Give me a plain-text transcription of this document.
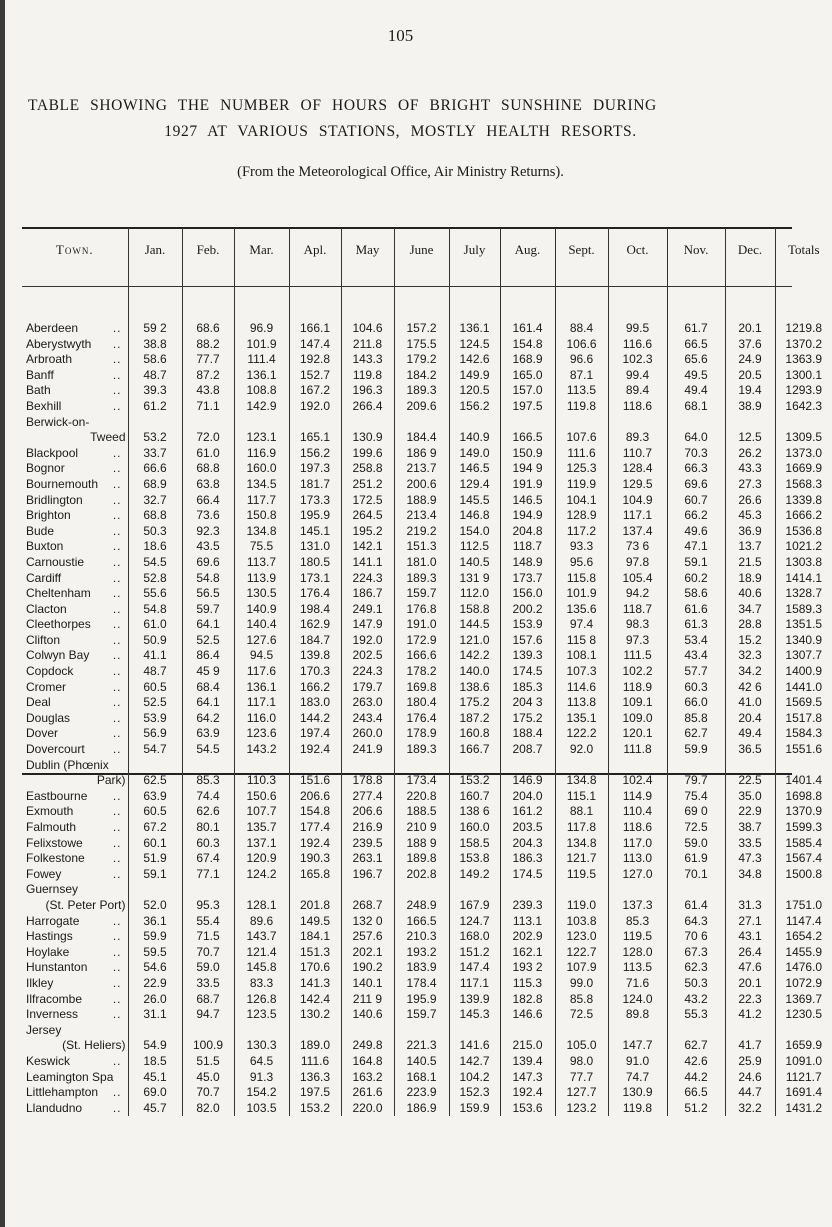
105
TABLE SHOWING THE NUMBER OF HOURS OF BRIGHT SUNSHINE DURING
1927 AT VARIOUS STATIONS, MOSTLY HEALTH RESORTS.
(From the Meteorological Office, Air Ministry Returns).
Town.	Jan.	Feb.	Mar.	Apl.	May	June	July	Aug.	Sept.	Oct.	Nov.	Dec.	Totals

Aberdeen ..	59 2	68.6	96.9	166.1	104.6	157.2	136.1	161.4	88.4	99.5	61.7	20.1	1219.8
Aberystwyth ..	38.8	88.2	101.9	147.4	211.8	175.5	124.5	154.8	106.6	116.6	66.5	37.6	1370.2
Arbroath ..	58.6	77.7	111.4	192.8	143.3	179.2	142.6	168.9	96.6	102.3	65.6	24.9	1363.9
Banff ..	48.7	87.2	136.1	152.7	119.8	184.2	149.9	165.0	87.1	99.4	49.5	20.5	1300.1
Bath ..	39.3	43.8	108.8	167.2	196.3	189.3	120.5	157.0	113.5	89.4	49.4	19.4	1293.9
Bexhill ..	61.2	71.1	142.9	192.0	266.4	209.6	156.2	197.5	119.8	118.6	68.1	38.9	1642.3
Berwick-on-
Tweed	53.2	72.0	123.1	165.1	130.9	184.4	140.9	166.5	107.6	89.3	64.0	12.5	1309.5
Blackpool ..	33.7	61.0	116.9	156.2	199.6	186 9	149.0	150.9	111.6	110.7	70.3	26.2	1373.0
Bognor ..	66.6	68.8	160.0	197.3	258.8	213.7	146.5	194 9	125.3	128.4	66.3	43.3	1669.9
Bournemouth ..	68.9	63.8	134.5	181.7	251.2	200.6	129.4	191.9	119.9	129.5	69.6	27.3	1568.3
Bridlington ..	32.7	66.4	117.7	173.3	172.5	188.9	145.5	146.5	104.1	104.9	60.7	26.6	1339.8
Brighton ..	68.8	73.6	150.8	195.9	264.5	213.4	146.8	194.9	128.9	117.1	66.2	45.3	1666.2
Bude ..	50.3	92.3	134.8	145.1	195.2	219.2	154.0	204.8	117.2	137.4	49.6	36.9	1536.8
Buxton ..	18.6	43.5	75.5	131.0	142.1	151.3	112.5	118.7	93.3	73 6	47.1	13.7	1021.2
Carnoustie ..	54.5	69.6	113.7	180.5	141.1	181.0	140.5	148.9	95.6	97.8	59.1	21.5	1303.8
Cardiff ..	52.8	54.8	113.9	173.1	224.3	189.3	131 9	173.7	115.8	105.4	60.2	18.9	1414.1
Cheltenham ..	55.6	56.5	130.5	176.4	186.7	159.7	112.0	156.0	101.9	94.2	58.6	40.6	1328.7
Clacton ..	54.8	59.7	140.9	198.4	249.1	176.8	158.8	200.2	135.6	118.7	61.6	34.7	1589.3
Cleethorpes ..	61.0	64.1	140.4	162.9	147.9	191.0	144.5	153.9	97.4	98.3	61.3	28.8	1351.5
Clifton ..	50.9	52.5	127.6	184.7	192.0	172.9	121.0	157.6	115 8	97.3	53.4	15.2	1340.9
Colwyn Bay ..	41.1	86.4	94.5	139.8	202.5	166.6	142.2	139.3	108.1	111.5	43.4	32.3	1307.7
Copdock ..	48.7	45 9	117.6	170.3	224.3	178.2	140.0	174.5	107.3	102.2	57.7	34.2	1400.9
Cromer ..	60.5	68.4	136.1	166.2	179.7	169.8	138.6	185.3	114.6	118.9	60.3	42 6	1441.0
Deal ..	52.5	64.1	117.1	183.0	263.0	180.4	175.2	204 3	113.8	109.1	66.0	41.0	1569.5
Douglas ..	53.9	64.2	116.0	144.2	243.4	176.4	187.2	175.2	135.1	109.0	85.8	20.4	1517.8
Dover ..	56.9	63.9	123.6	197.4	260.0	178.9	160.8	188.4	122.2	120.1	62.7	49.4	1584.3
Dovercourt ..	54.7	54.5	143.2	192.4	241.9	189.3	166.7	208.7	92.0	111.8	59.9	36.5	1551.6
Dublin (Phœnix
Park)	62.5	85.3	110.3	151.6	178.8	173.4	153.2	146.9	134.8	102.4	79.7	22.5	1401.4
Eastbourne ..	63.9	74.4	150.6	206.6	277.4	220.8	160.7	204.0	115.1	114.9	75.4	35.0	1698.8
Exmouth ..	60.5	62.6	107.7	154.8	206.6	188.5	138 6	161.2	88.1	110.4	69 0	22.9	1370.9
Falmouth ..	67.2	80.1	135.7	177.4	216.9	210 9	160.0	203.5	117.8	118.6	72.5	38.7	1599.3
Felixstowe ..	60.1	60.3	137.1	192.4	239.5	188 9	158.5	204.3	134.8	117.0	59.0	33.5	1585.4
Folkestone ..	51.9	67.4	120.9	190.3	263.1	189.8	153.8	186.3	121.7	113.0	61.9	47.3	1567.4
Fowey ..	59.1	77.1	124.2	165.8	196.7	202.8	149.2	174.5	119.5	127.0	70.1	34.8	1500.8
Guernsey
(St. Peter Port)	52.0	95.3	128.1	201.8	268.7	248.9	167.9	239.3	119.0	137.3	61.4	31.3	1751.0
Harrogate ..	36.1	55.4	89.6	149.5	132 0	166.5	124.7	113.1	103.8	85.3	64.3	27.1	1147.4
Hastings ..	59.9	71.5	143.7	184.1	257.6	210.3	168.0	202.9	123.0	119.5	70 6	43.1	1654.2
Hoylake ..	59.5	70.7	121.4	151.3	202.1	193.2	151.2	162.1	122.7	128.0	67.3	26.4	1455.9
Hunstanton ..	54.6	59.0	145.8	170.6	190.2	183.9	147.4	193 2	107.9	113.5	62.3	47.6	1476.0
Ilkley ..	22.9	33.5	83.3	141.3	140.1	178.4	117.1	115.3	99.0	71.6	50.3	20.1	1072.9
Ilfracombe ..	26.0	68.7	126.8	142.4	211 9	195.9	139.9	182.8	85.8	124.0	43.2	22.3	1369.7
Inverness ..	31.1	94.7	123.5	130.2	140.6	159.7	145.3	146.6	72.5	89.8	55.3	41.2	1230.5
Jersey
(St. Heliers)	54.9	100.9	130.3	189.0	249.8	221.3	141.6	215.0	105.0	147.7	62.7	41.7	1659.9
Keswick ..	18.5	51.5	64.5	111.6	164.8	140.5	142.7	139.4	98.0	91.0	42.6	25.9	1091.0
Leamington Spa	45.1	45.0	91.3	136.3	163.2	168.1	104.2	147.3	77.7	74.7	44.2	24.6	1121.7
Littlehampton ..	69.0	70.7	154.2	197.5	261.6	223.9	152.3	192.4	127.7	130.9	66.5	44.7	1691.4
Llandudno ..	45.7	82.0	103.5	153.2	220.0	186.9	159.9	153.6	123.2	119.8	51.2	32.2	1431.2
